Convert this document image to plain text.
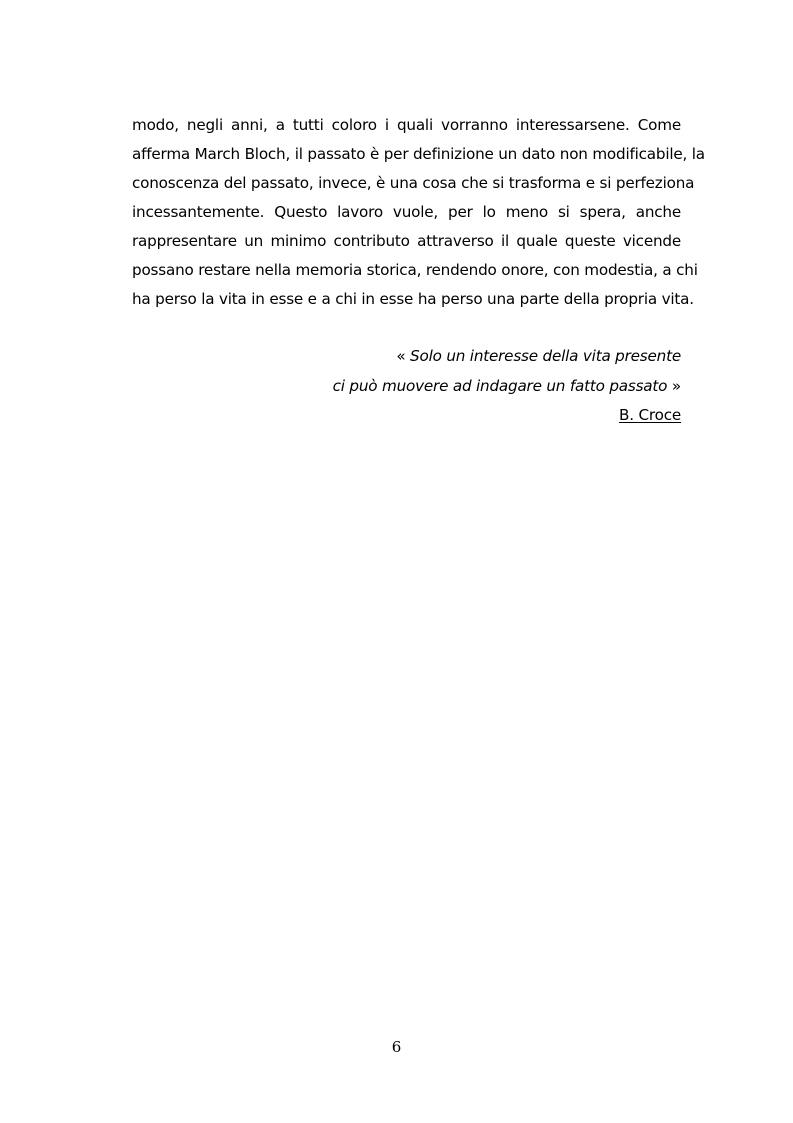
modo, negli anni, a tutti coloro i quali vorranno interessarsene. Come
afferma March Bloch, il passato è per definizione un dato non modificabile, la
conoscenza del passato, invece, è una cosa che si trasforma e si perfeziona
incessantemente. Questo lavoro vuole, per lo meno si spera, anche
rappresentare un minimo contributo attraverso il quale queste vicende
possano restare nella memoria storica, rendendo onore, con modestia, a chi
ha perso la vita in esse e a chi in esse ha perso una parte della propria vita.

« Solo un interesse della vita presente
ci può muovere ad indagare un fatto passato »
B. Croce
6
